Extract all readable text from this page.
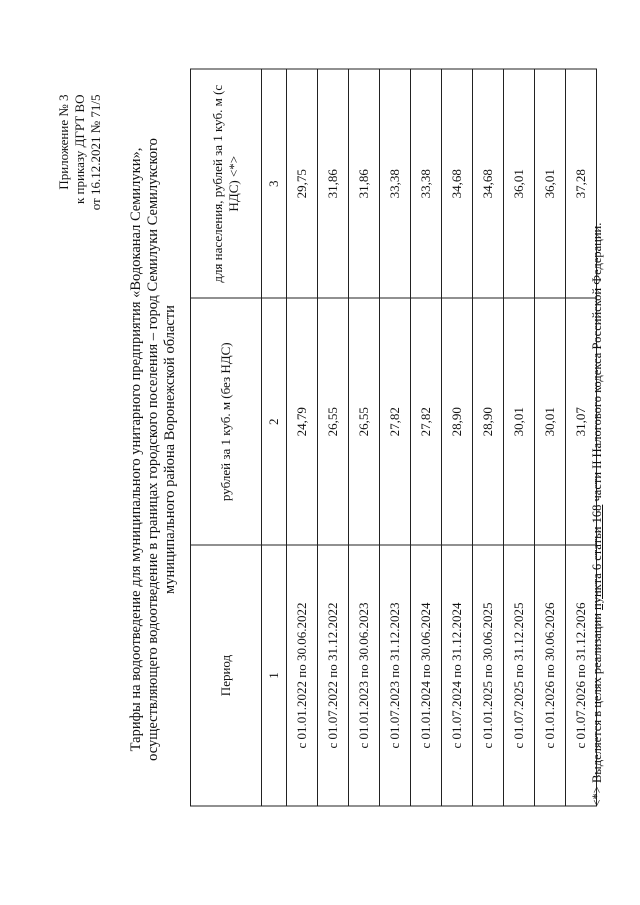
Приложение № 3 к приказу ДГРТ ВО от 16.12.2021 № 71/5 Тарифы на водоотведение для муниципального унитарного предприятия «Водоканал Семилуки», осуществляющего водоотведение в границах городского поселения – город Семилуки Семилукского муниципального района Воронежской области
Период	рублей за 1 куб. м (без НДС)	для населения, рублей за 1 куб. м (с НДС) <*>
1	2	3
с 01.01.2022 по 30.06.2022	24,79	29,75
с 01.07.2022 по 31.12.2022	26,55	31,86
с 01.01.2023 по 30.06.2023	26,55	31,86
с 01.07.2023 по 31.12.2023	27,82	33,38
с 01.01.2024 по 30.06.2024	27,82	33,38
с 01.07.2024 по 31.12.2024	28,90	34,68
с 01.01.2025 по 30.06.2025	28,90	34,68
с 01.07.2025 по 31.12.2025	30,01	36,01
с 01.01.2026 по 30.06.2026	30,01	36,01
с 01.07.2026 по 31.12.2026	31,07	37,28
<*> Выделяется в целях реализации пункта 6 статьи 168 части II Налогового кодекса Российской Федерации.
